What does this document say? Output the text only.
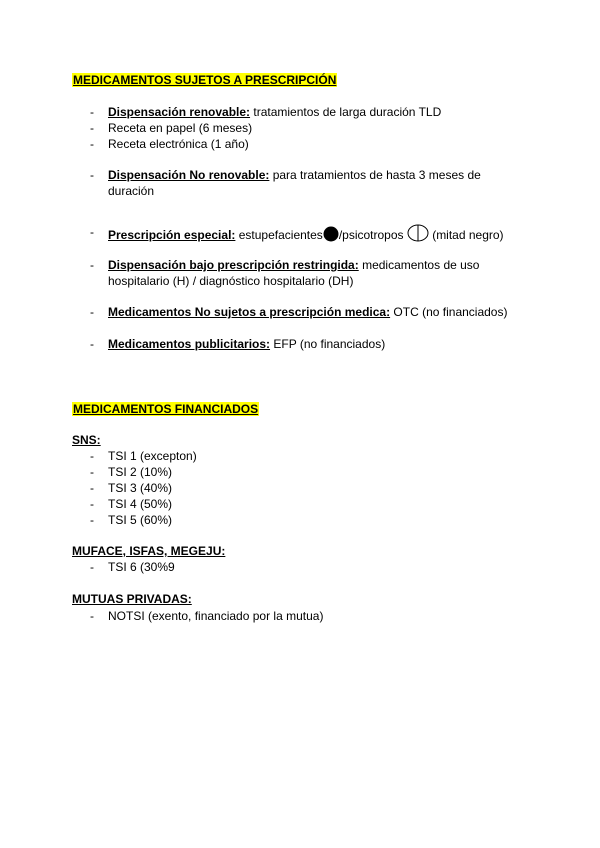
MEDICAMENTOS SUJETOS A PRESCRIPCIÓN
- Dispensación renovable: tratamientos de larga duración TLD
- Receta en papel (6 meses)
- Receta electrónica (1 año)
- Dispensación No renovable: para tratamientos de hasta 3 meses de duración
- Prescripción especial: estupefacientes /psicotropos  (mitad negro)
- Dispensación bajo prescripción restringida: medicamentos de uso hospitalario (H) / diagnóstico hospitalario (DH)
- Medicamentos No sujetos a prescripción medica: OTC (no financiados)
- Medicamentos publicitarios: EFP (no financiados)
MEDICAMENTOS FINANCIADOS
SNS:
- TSI 1 (excepton)
- TSI 2 (10%)
- TSI 3 (40%)
- TSI 4 (50%)
- TSI 5 (60%)
MUFACE, ISFAS, MEGEJU:
- TSI 6 (30%9
MUTUAS PRIVADAS:
- NOTSI (exento, financiado por la mutua)
